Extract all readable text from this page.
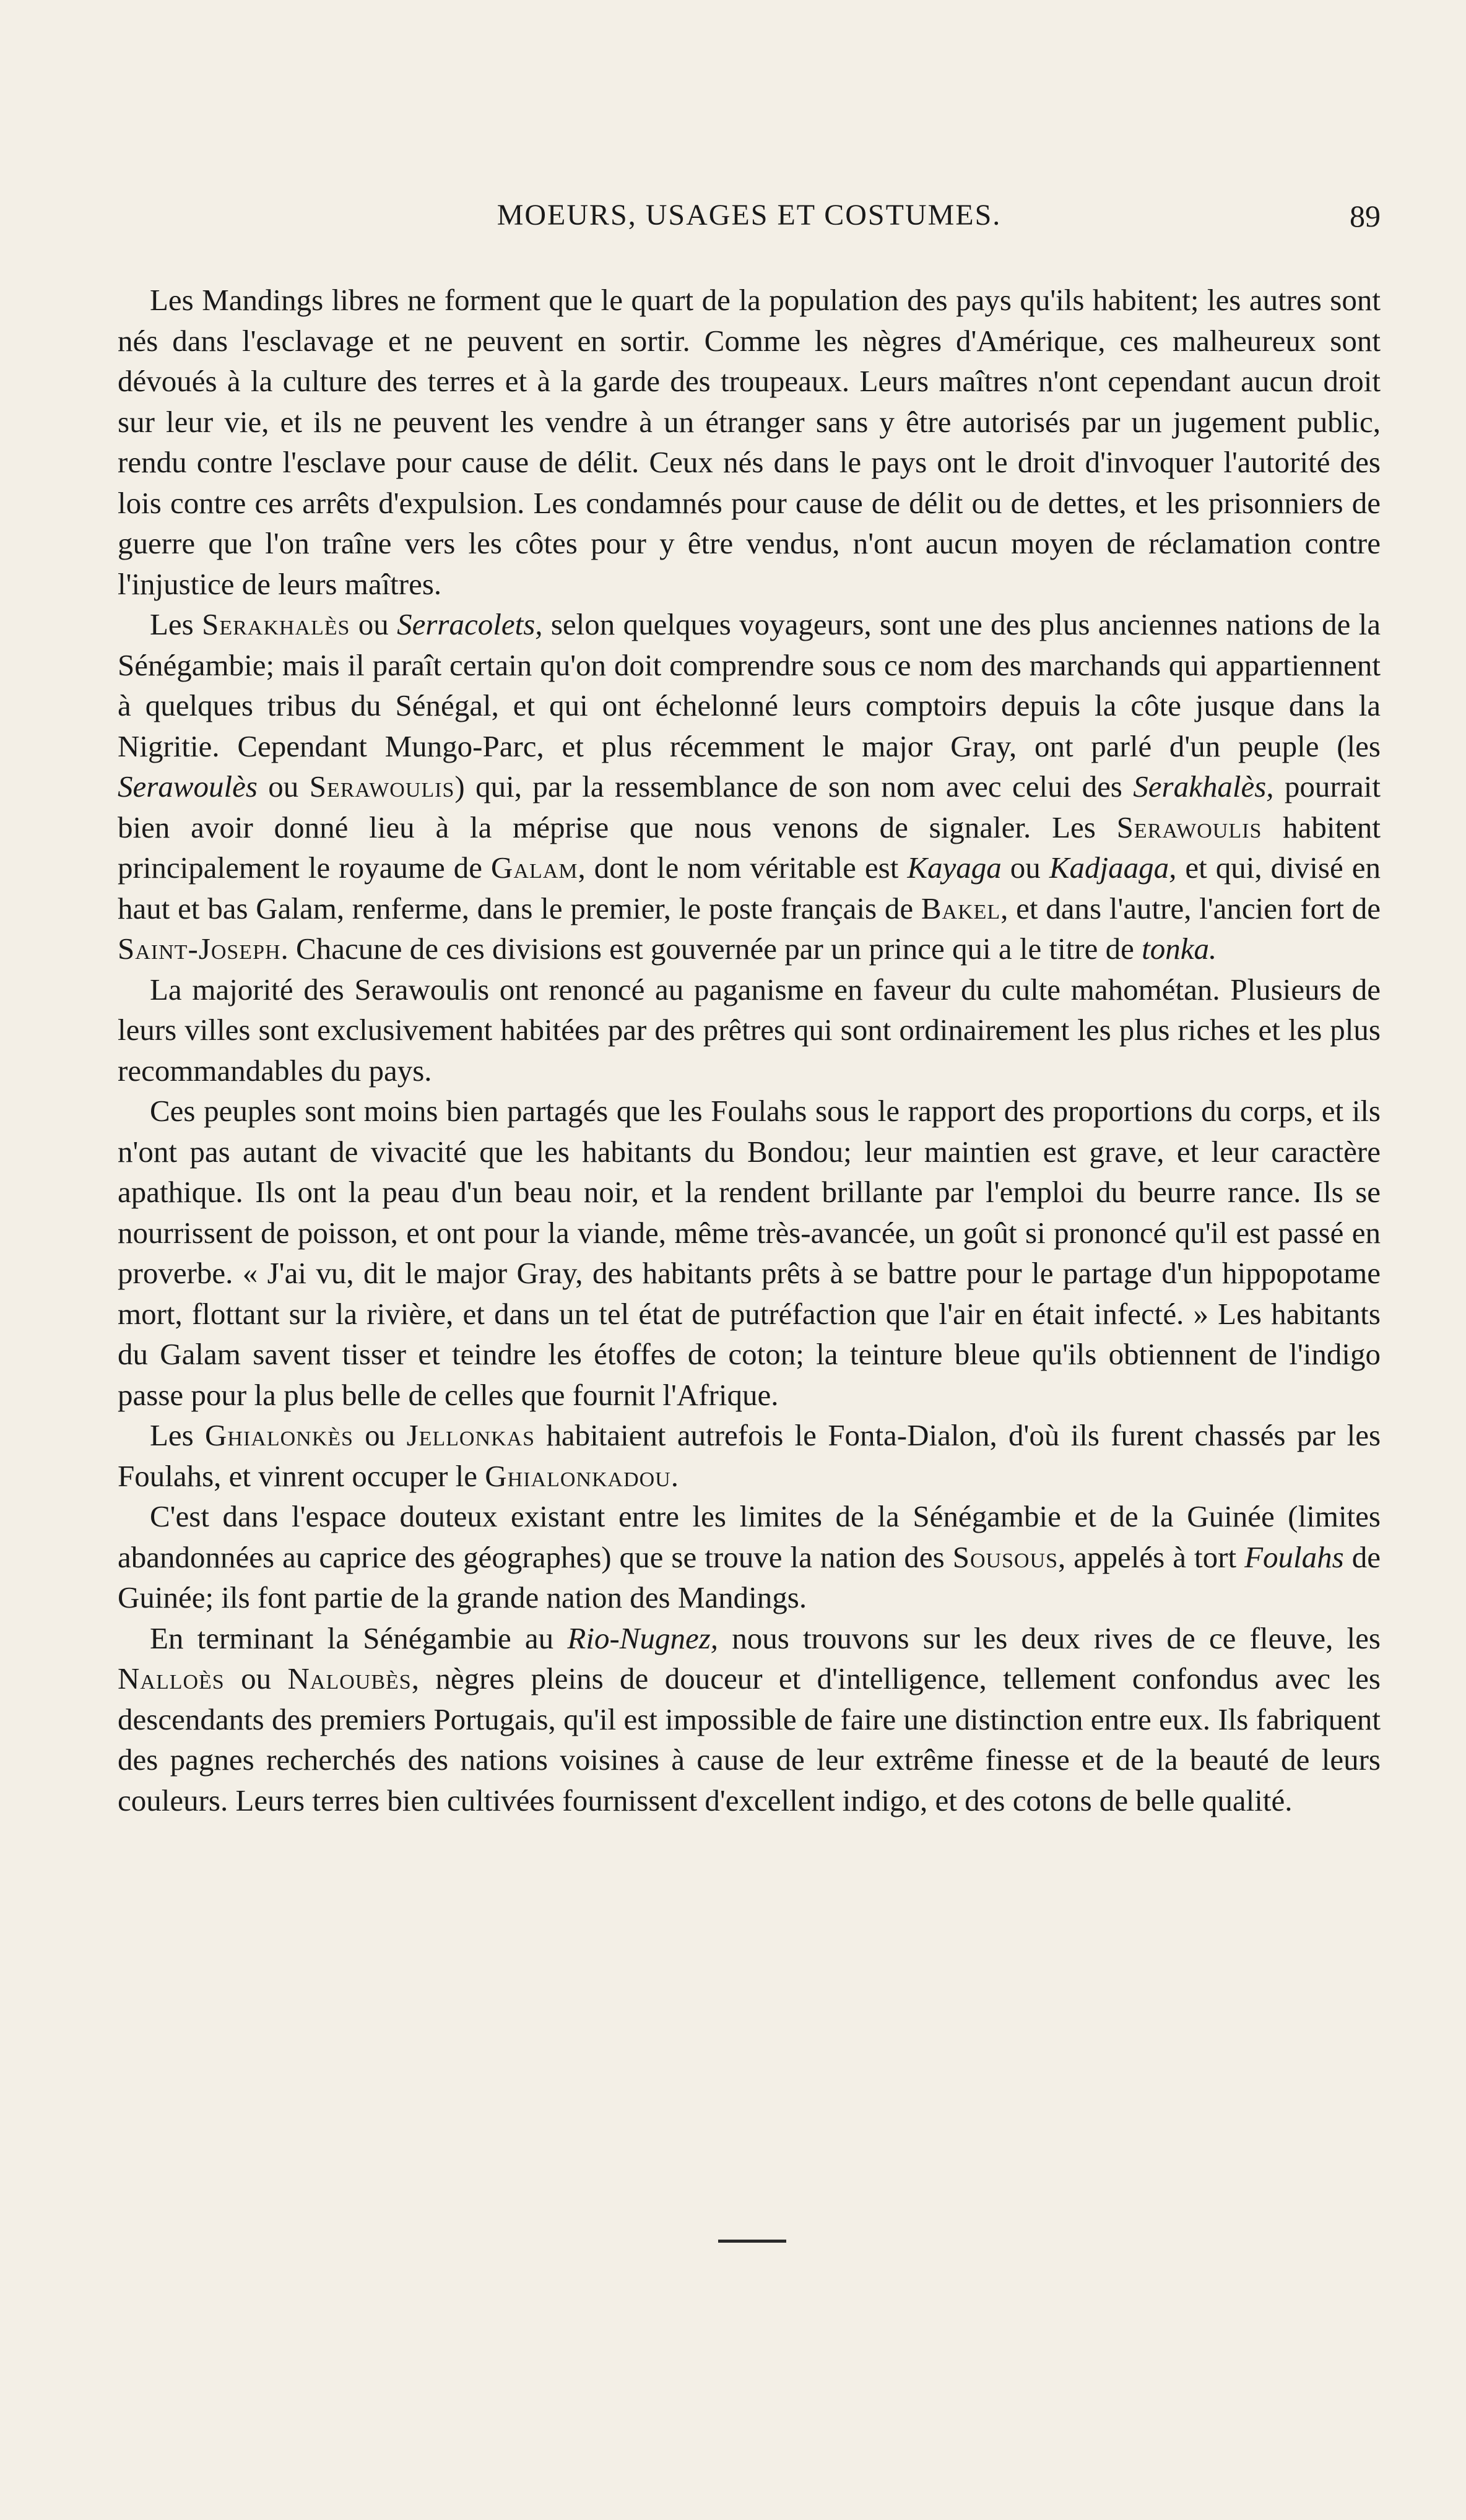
MOEURS, USAGES ET COSTUMES.	89

Les Mandings libres ne forment que le quart de la population des pays qu'ils habitent; les autres sont nés dans l'esclavage et ne peuvent en sortir. Comme les nègres d'Amérique, ces malheureux sont dévoués à la culture des terres et à la garde des troupeaux. Leurs maîtres n'ont cependant aucun droit sur leur vie, et ils ne peuvent les vendre à un étranger sans y être autorisés par un jugement public, rendu contre l'esclave pour cause de délit. Ceux nés dans le pays ont le droit d'invoquer l'autorité des lois contre ces arrêts d'expulsion. Les condamnés pour cause de délit ou de dettes, et les prisonniers de guerre que l'on traîne vers les côtes pour y être vendus, n'ont aucun moyen de réclamation contre l'injustice de leurs maîtres.

Les Serakhalès ou Serracolets, selon quelques voyageurs, sont une des plus anciennes nations de la Sénégambie; mais il paraît certain qu'on doit comprendre sous ce nom des marchands qui appartiennent à quelques tribus du Sénégal, et qui ont échelonné leurs comptoirs depuis la côte jusque dans la Nigritie. Cependant Mungo-Parc, et plus récemment le major Gray, ont parlé d'un peuple (les Serawoulès ou Serawoulis) qui, par la ressemblance de son nom avec celui des Serakhalès, pourrait bien avoir donné lieu à la méprise que nous venons de signaler. Les Serawoulis habitent principalement le royaume de Galam, dont le nom véritable est Kayaga ou Kadjaaga, et qui, divisé en haut et bas Galam, renferme, dans le premier, le poste français de Bakel, et dans l'autre, l'ancien fort de Saint-Joseph. Chacune de ces divisions est gouvernée par un prince qui a le titre de tonka.

La majorité des Serawoulis ont renoncé au paganisme en faveur du culte mahométan. Plusieurs de leurs villes sont exclusivement habitées par des prêtres qui sont ordinairement les plus riches et les plus recommandables du pays.

Ces peuples sont moins bien partagés que les Foulahs sous le rapport des proportions du corps, et ils n'ont pas autant de vivacité que les habitants du Bondou; leur maintien est grave, et leur caractère apathique. Ils ont la peau d'un beau noir, et la rendent brillante par l'emploi du beurre rance. Ils se nourrissent de poisson, et ont pour la viande, même très-avancée, un goût si prononcé qu'il est passé en proverbe. « J'ai vu, dit le major Gray, des habitants prêts à se battre pour le partage d'un hippopotame mort, flottant sur la rivière, et dans un tel état de putréfaction que l'air en était infecté. » Les habitants du Galam savent tisser et teindre les étoffes de coton; la teinture bleue qu'ils obtiennent de l'indigo passe pour la plus belle de celles que fournit l'Afrique.

Les Ghialonkès ou Jellonkas habitaient autrefois le Fonta-Dialon, d'où ils furent chassés par les Foulahs, et vinrent occuper le Ghialonkadou.

C'est dans l'espace douteux existant entre les limites de la Sénégambie et de la Guinée (limites abandonnées au caprice des géographes) que se trouve la nation des Sousous, appelés à tort Foulahs de Guinée; ils font partie de la grande nation des Mandings.

En terminant la Sénégambie au Rio-Nugnez, nous trouvons sur les deux rives de ce fleuve, les Nalloès ou Naloubès, nègres pleins de douceur et d'intelligence, tellement confondus avec les descendants des premiers Portugais, qu'il est impossible de faire une distinction entre eux. Ils fabriquent des pagnes recherchés des nations voisines à cause de leur extrême finesse et de la beauté de leurs couleurs. Leurs terres bien cultivées fournissent d'excellent indigo, et des cotons de belle qualité.
